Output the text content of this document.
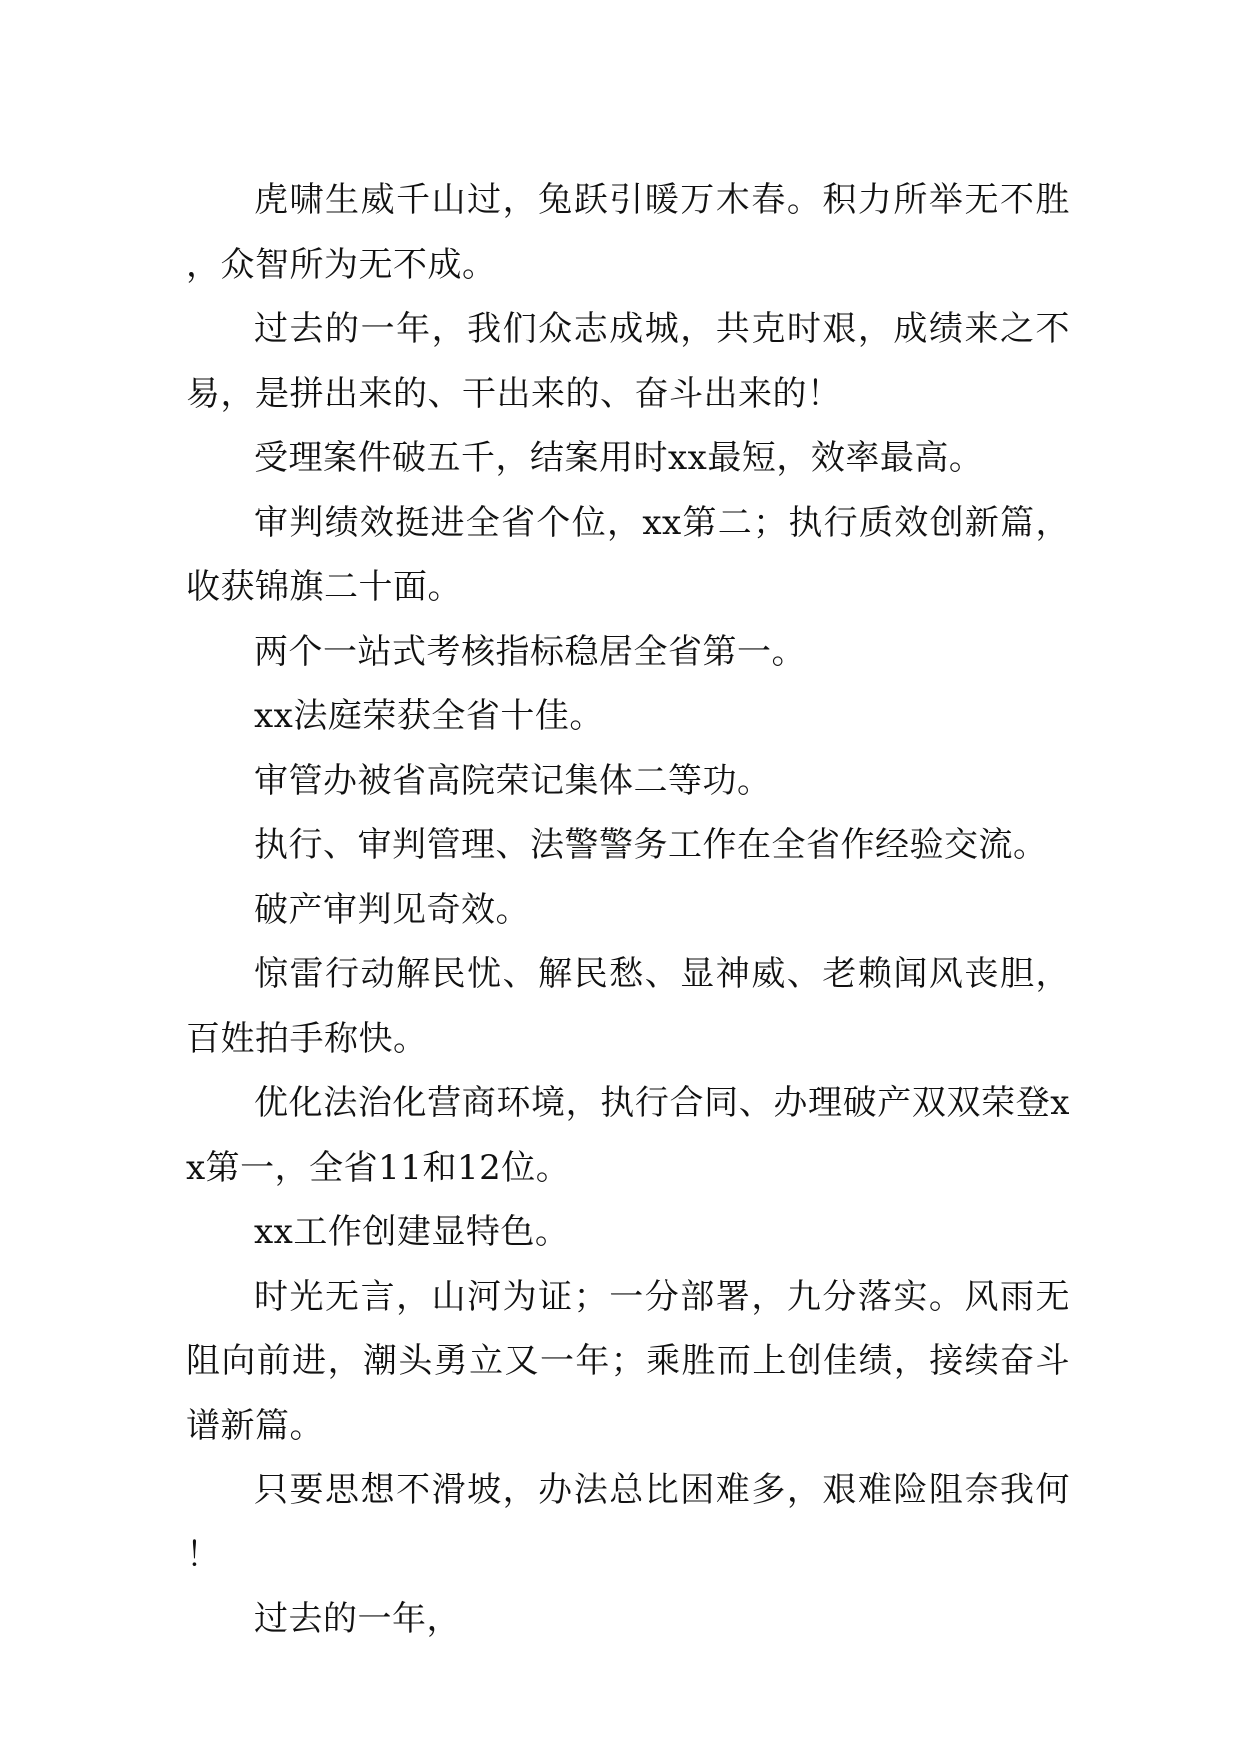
虎啸生威千山过，兔跃引暖万木春。积力所举无不胜，众智所为无不成。

过去的一年，我们众志成城，共克时艰，成绩来之不易，是拼出来的、干出来的、奋斗出来的！

受理案件破五千，结案用时xx最短，效率最高。

审判绩效挺进全省个位，xx第二；执行质效创新篇，收获锦旗二十面。

两个一站式考核指标稳居全省第一。

xx法庭荣获全省十佳。

审管办被省高院荣记集体二等功。

执行、审判管理、法警警务工作在全省作经验交流。

破产审判见奇效。

惊雷行动解民忧、解民愁、显神威、老赖闻风丧胆，百姓拍手称快。

优化法治化营商环境，执行合同、办理破产双双荣登xx第一，全省11和12位。

xx工作创建显特色。

时光无言，山河为证；一分部署，九分落实。风雨无阻向前进，潮头勇立又一年；乘胜而上创佳绩，接续奋斗谱新篇。

只要思想不滑坡，办法总比困难多，艰难险阻奈我何！

过去的一年，
